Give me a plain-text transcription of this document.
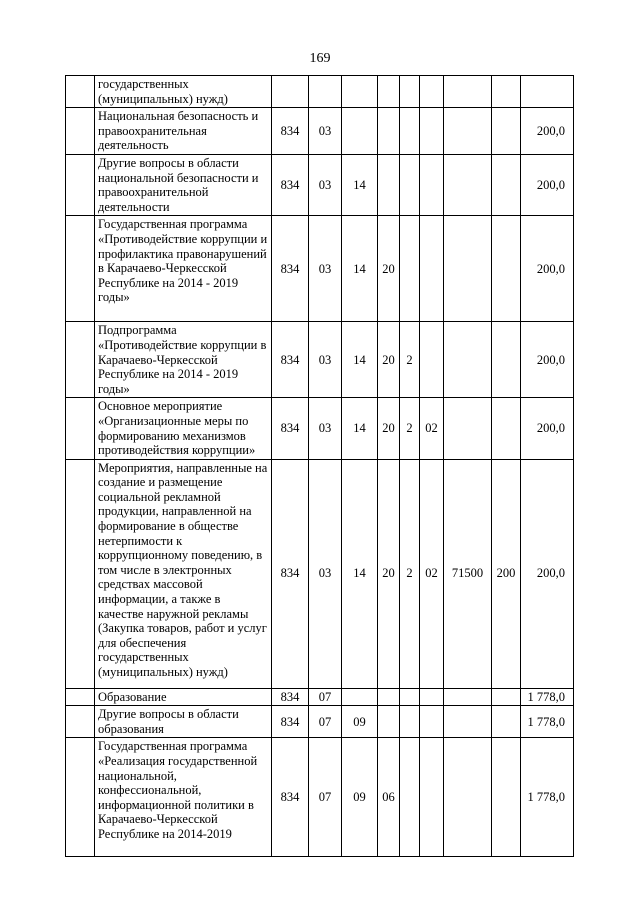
169
	государственных (муниципальных) нужд)									
	Национальная безопасность и правоохранительная деятельность	834	03							200,0
	Другие вопросы в области национальной безопасности и правоохранительной деятельности	834	03	14						200,0
	Государственная программа «Противодействие коррупции и профилактика правонарушений в Карачаево-Черкесской Республике на 2014 - 2019 годы»	834	03	14	20					200,0
	Подпрограмма «Противодействие коррупции в Карачаево-Черкесской Республике на 2014 - 2019 годы»	834	03	14	20	2				200,0
	Основное мероприятие «Организационные меры по формированию механизмов противодействия коррупции»	834	03	14	20	2	02			200,0
	Мероприятия, направленные на создание и размещение социальной рекламной продукции, направленной на формирование в обществе нетерпимости к коррупционному поведению, в том числе в электронных средствах массовой информации, а также в качестве наружной рекламы (Закупка товаров, работ и услуг для обеспечения государственных (муниципальных) нужд)	834	03	14	20	2	02	71500	200	200,0
	Образование	834	07							1 778,0
	Другие вопросы в области образования	834	07	09						1 778,0
	Государственная программа «Реализация государственной национальной, конфессиональной, информационной политики в Карачаево-Черкесской Республике на 2014-2019	834	07	09	06					1 778,0
